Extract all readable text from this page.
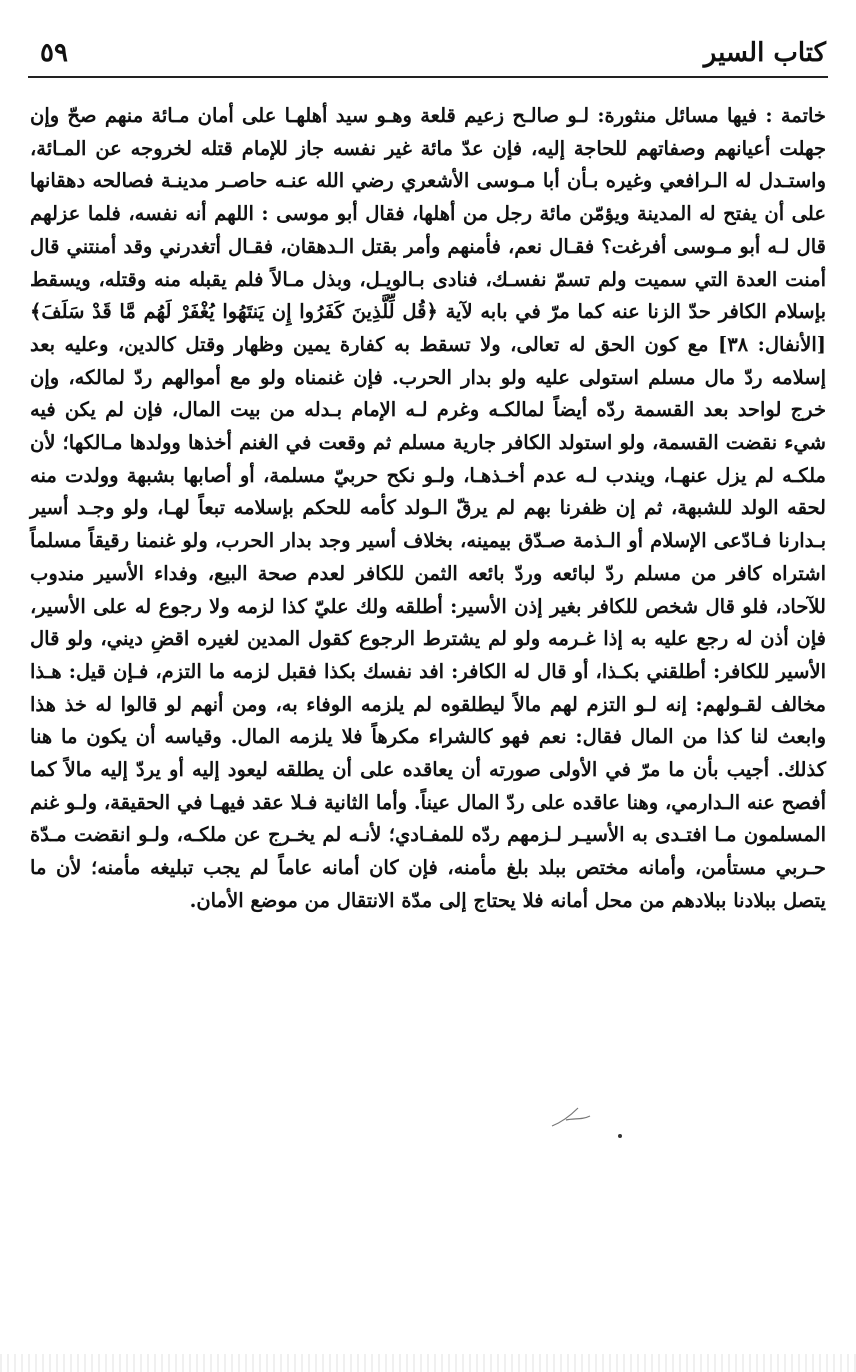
٥٩	كتاب السير

خاتمة : فيها مسائل منثورة: لـو صالـح زعيم قلعة وهـو سيد أهلهـا على أمان مـائة منهم صحّ وإن جهلت أعيانهم وصفاتهم للحاجة إليه، فإن عدّ مائة غير نفسه جاز للإمام قتله لخروجه عن المـائة، واستـدل له الـرافعي وغيره بـأن أبا مـوسى الأشعري رضي الله عنـه حاصـر مدينـة فصالحه دهقانها على أن يفتح له المدينة ويؤمّن مائة رجل من أهلها، فقال أبو موسى : اللهم أنه نفسه، فلما عزلهم قال لـه أبو مـوسى أفرغت؟ فقـال نعم، فأمنهم وأمر بقتل الـدهقان، فقـال أتغدرني وقد أمنتني قال أمنت العدة التي سميت ولم تسمّ نفسـك، فنادى بـالويـل، وبذل مـالاً فلم يقبله منه وقتله، ويسقط بإسلام الكافر حدّ الزنا عنه كما مرّ في بابه لآية ﴿قُل لِّلَّذِينَ كَفَرُوا إِن يَنتَهُوا يُغْفَرْ لَهُم مَّا قَدْ سَلَفَ﴾ [الأنفال: ٣٨] مع كون الحق له تعالى، ولا تسقط به كفارة يمين وظهار وقتل كالدين، وعليه بعد إسلامه ردّ مال مسلم استولى عليه ولو بدار الحرب. فإن غنمناه ولو مع أموالهم ردّ لمالكه، وإن خرج لواحد بعد القسمة ردّه أيضاً لمالكـه وغرم لـه الإمام بـدله من بيت المال، فإن لم يكن فيه شيء نقضت القسمة، ولو استولد الكافر جارية مسلم ثم وقعت في الغنم أخذها وولدها مـالكها؛ لأن ملكـه لم يزل عنهـا، ويندب لـه عدم أخـذهـا، ولـو نكح حربيّ مسلمة، أو أصابها بشبهة وولدت منه لحقه الولد للشبهة، ثم إن ظفرنا بهم لم يرقّ الـولد كأمه للحكم بإسلامه تبعاً لهـا، ولو وجـد أسير بـدارنا فـادّعى الإسلام أو الـذمة صـدّق بيمينه، بخلاف أسير وجد بدار الحرب، ولو غنمنا رقيقاً مسلماً اشتراه كافر من مسلم ردّ لبائعه وردّ بائعه الثمن للكافر لعدم صحة البيع، وفداء الأسير مندوب للآحاد، فلو قال شخص للكافر بغير إذن الأسير: أطلقه ولك عليّ كذا لزمه ولا رجوع له على الأسير، فإن أذن له رجع عليه به إذا غـرمه ولو لم يشترط الرجوع كقول المدين لغيره اقضِ ديني، ولو قال الأسير للكافر: أطلقني بكـذا، أو قال له الكافر: افد نفسك بكذا فقبل لزمه ما التزم، فـإن قيل: هـذا مخالف لقـولهم: إنه لـو التزم لهم مالاً ليطلقوه لم يلزمه الوفاء به، ومن أنهم لو قالوا له خذ هذا وابعث لنا كذا من المال فقال: نعم فهو كالشراء مكرهاً فلا يلزمه المال. وقياسه أن يكون ما هنا كذلك. أجيب بأن ما مرّ في الأولى صورته أن يعاقده على أن يطلقه ليعود إليه أو يردّ إليه مالاً كما أفصح عنه الـدارمي، وهنا عاقده على ردّ المال عيناً. وأما الثانية فـلا عقد فيهـا في الحقيقة، ولـو غنم المسلمون مـا افتـدى به الأسيـر لـزمهم ردّه للمفـادي؛ لأنـه لم يخـرج عن ملكـه، ولـو انقضت مـدّة حـربي مستأمن، وأمانه مختص ببلد بلغ مأمنه، فإن كان أمانه عاماً لم يجب تبليغه مأمنه؛ لأن ما يتصل ببلادنا ببلادهم من محل أمانه فلا يحتاج إلى مدّة الانتقال من موضع الأمان.
